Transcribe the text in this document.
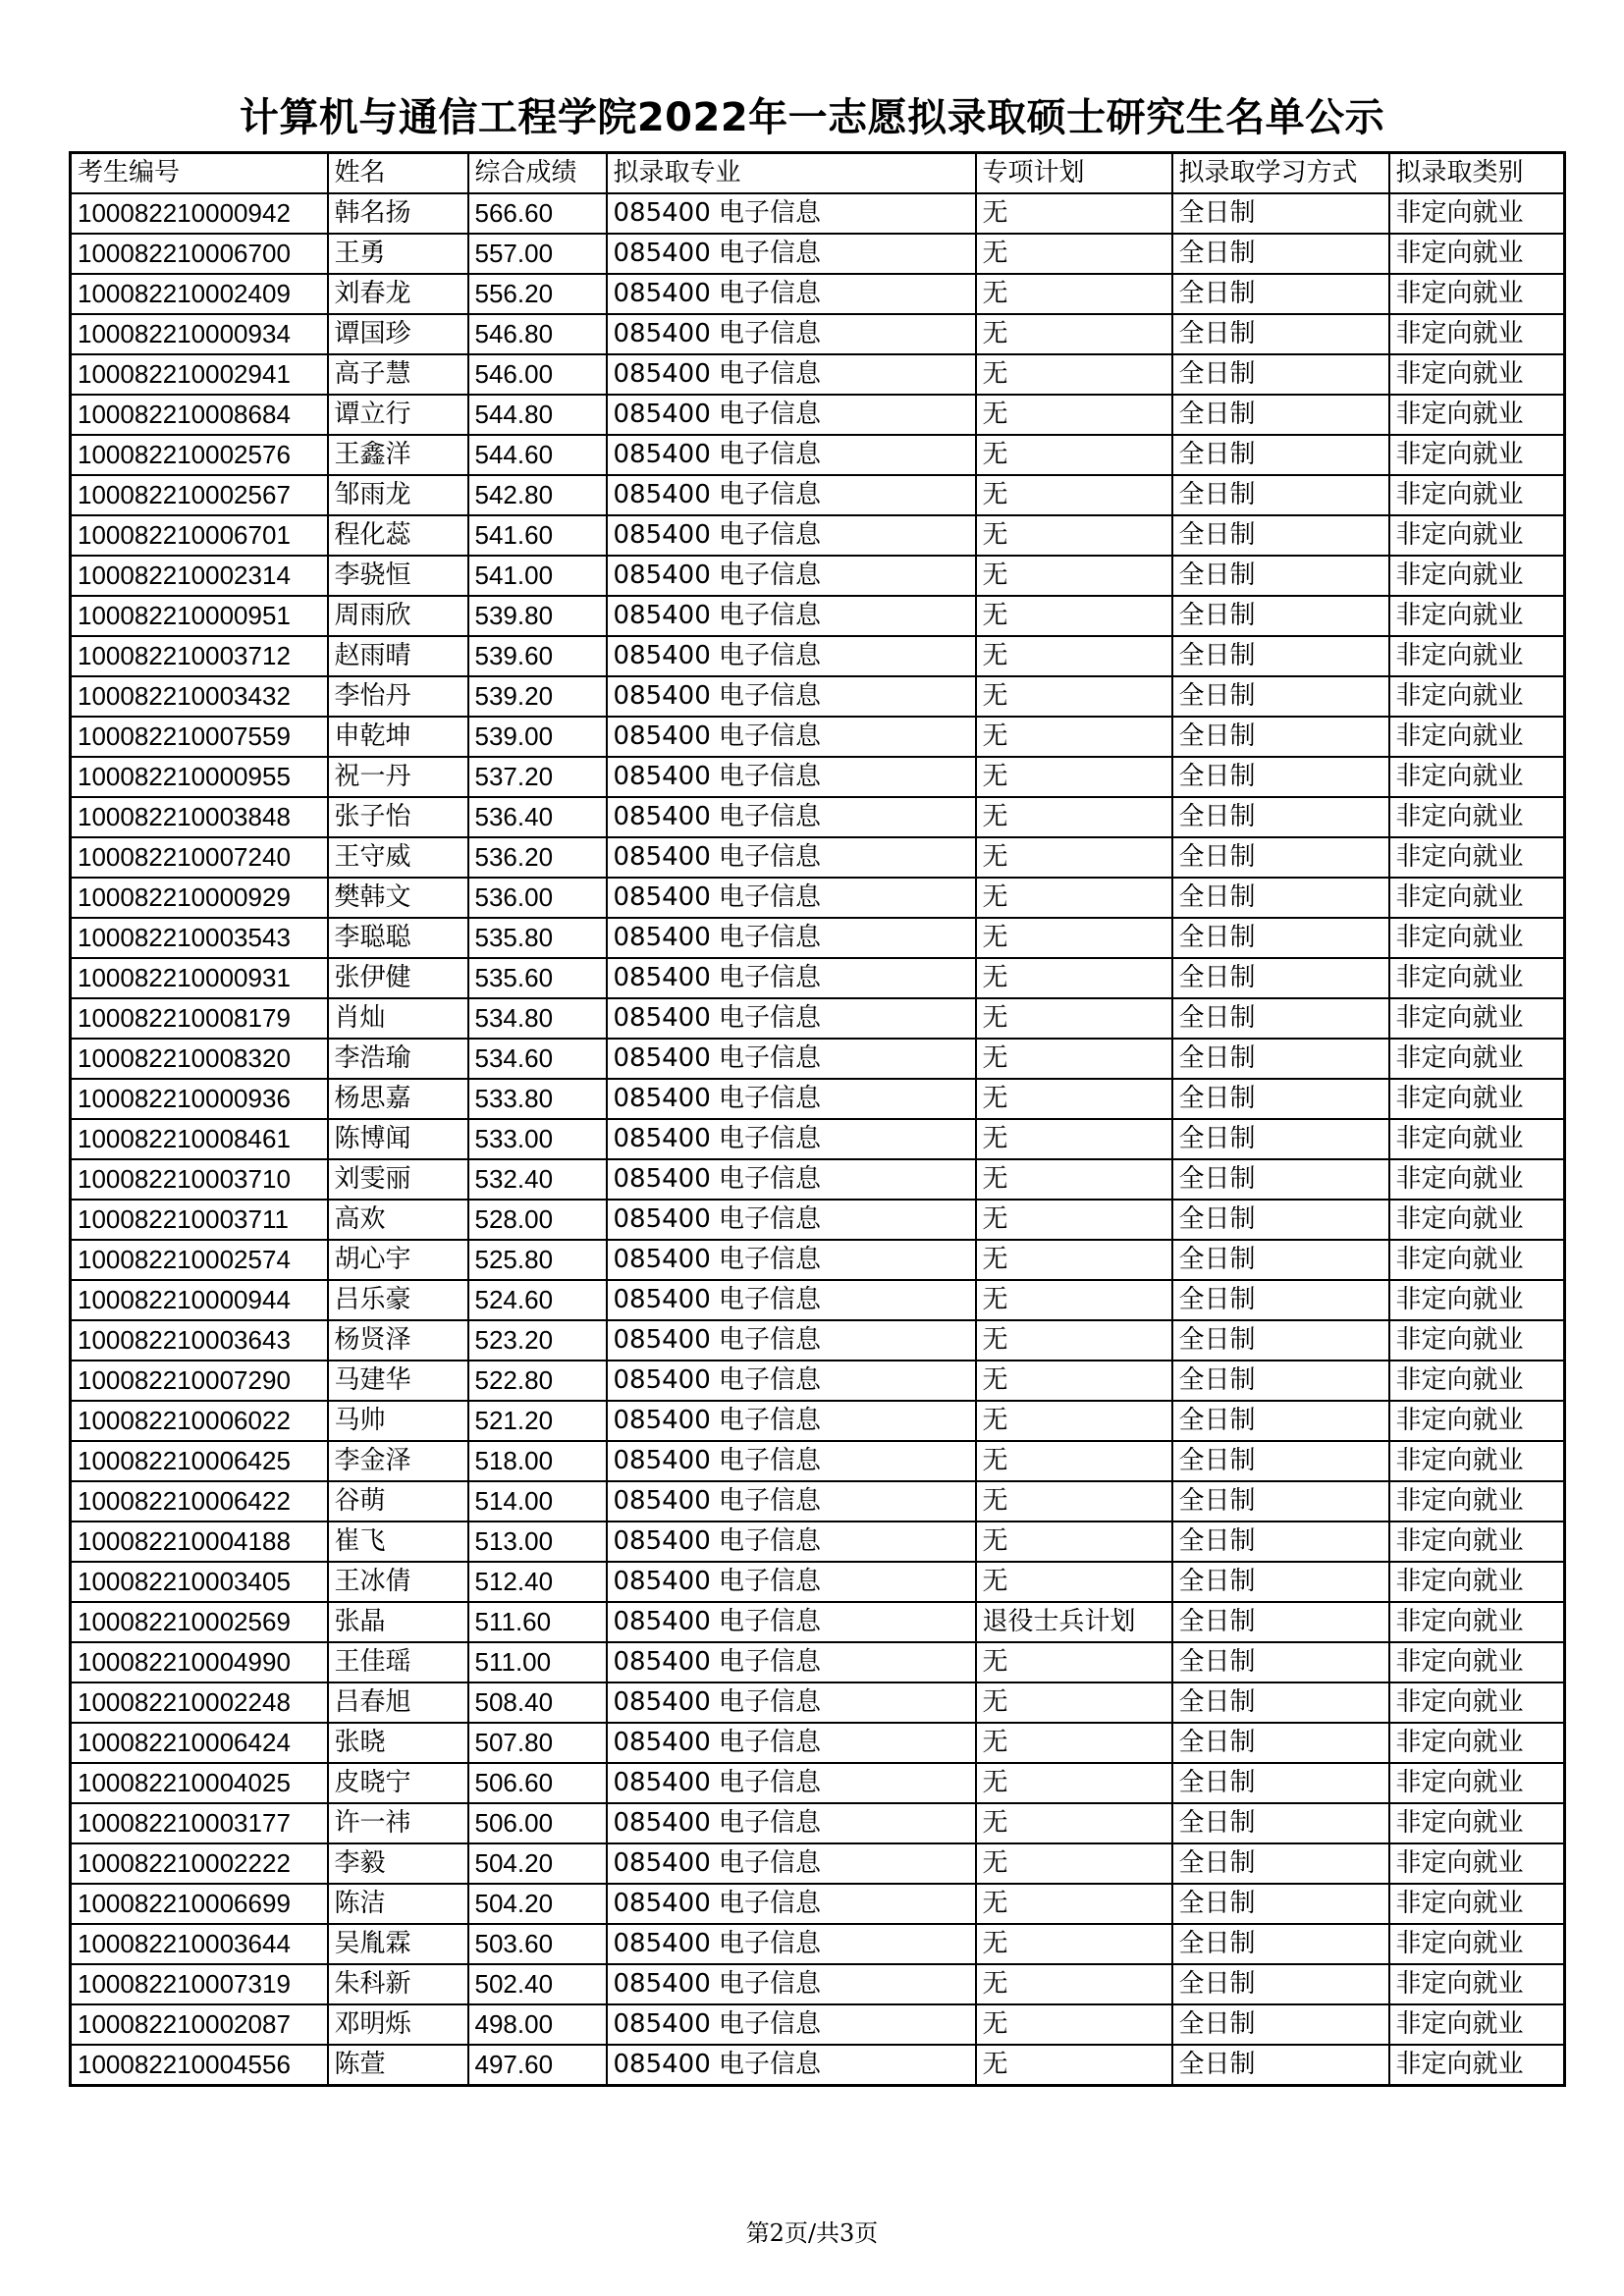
计算机与通信工程学院2022年一志愿拟录取硕士研究生名单公示
考生编号	姓名	综合成绩	拟录取专业	专项计划	拟录取学习方式	拟录取类别
100082210000942	韩名扬	566.60	085400 电子信息	无	全日制	非定向就业
100082210006700	王勇	557.00	085400 电子信息	无	全日制	非定向就业
100082210002409	刘春龙	556.20	085400 电子信息	无	全日制	非定向就业
100082210000934	谭国珍	546.80	085400 电子信息	无	全日制	非定向就业
100082210002941	高子慧	546.00	085400 电子信息	无	全日制	非定向就业
100082210008684	谭立行	544.80	085400 电子信息	无	全日制	非定向就业
100082210002576	王鑫洋	544.60	085400 电子信息	无	全日制	非定向就业
100082210002567	邹雨龙	542.80	085400 电子信息	无	全日制	非定向就业
100082210006701	程化蕊	541.60	085400 电子信息	无	全日制	非定向就业
100082210002314	李骁恒	541.00	085400 电子信息	无	全日制	非定向就业
100082210000951	周雨欣	539.80	085400 电子信息	无	全日制	非定向就业
100082210003712	赵雨晴	539.60	085400 电子信息	无	全日制	非定向就业
100082210003432	李怡丹	539.20	085400 电子信息	无	全日制	非定向就业
100082210007559	申乾坤	539.00	085400 电子信息	无	全日制	非定向就业
100082210000955	祝一丹	537.20	085400 电子信息	无	全日制	非定向就业
100082210003848	张子怡	536.40	085400 电子信息	无	全日制	非定向就业
100082210007240	王守威	536.20	085400 电子信息	无	全日制	非定向就业
100082210000929	樊韩文	536.00	085400 电子信息	无	全日制	非定向就业
100082210003543	李聪聪	535.80	085400 电子信息	无	全日制	非定向就业
100082210000931	张伊健	535.60	085400 电子信息	无	全日制	非定向就业
100082210008179	肖灿	534.80	085400 电子信息	无	全日制	非定向就业
100082210008320	李浩瑜	534.60	085400 电子信息	无	全日制	非定向就业
100082210000936	杨思嘉	533.80	085400 电子信息	无	全日制	非定向就业
100082210008461	陈博闻	533.00	085400 电子信息	无	全日制	非定向就业
100082210003710	刘雯丽	532.40	085400 电子信息	无	全日制	非定向就业
100082210003711	高欢	528.00	085400 电子信息	无	全日制	非定向就业
100082210002574	胡心宇	525.80	085400 电子信息	无	全日制	非定向就业
100082210000944	吕乐豪	524.60	085400 电子信息	无	全日制	非定向就业
100082210003643	杨贤泽	523.20	085400 电子信息	无	全日制	非定向就业
100082210007290	马建华	522.80	085400 电子信息	无	全日制	非定向就业
100082210006022	马帅	521.20	085400 电子信息	无	全日制	非定向就业
100082210006425	李金泽	518.00	085400 电子信息	无	全日制	非定向就业
100082210006422	谷萌	514.00	085400 电子信息	无	全日制	非定向就业
100082210004188	崔飞	513.00	085400 电子信息	无	全日制	非定向就业
100082210003405	王冰倩	512.40	085400 电子信息	无	全日制	非定向就业
100082210002569	张晶	511.60	085400 电子信息	退役士兵计划	全日制	非定向就业
100082210004990	王佳瑶	511.00	085400 电子信息	无	全日制	非定向就业
100082210002248	吕春旭	508.40	085400 电子信息	无	全日制	非定向就业
100082210006424	张晓	507.80	085400 电子信息	无	全日制	非定向就业
100082210004025	皮晓宁	506.60	085400 电子信息	无	全日制	非定向就业
100082210003177	许一祎	506.00	085400 电子信息	无	全日制	非定向就业
100082210002222	李毅	504.20	085400 电子信息	无	全日制	非定向就业
100082210006699	陈洁	504.20	085400 电子信息	无	全日制	非定向就业
100082210003644	吴胤霖	503.60	085400 电子信息	无	全日制	非定向就业
100082210007319	朱科新	502.40	085400 电子信息	无	全日制	非定向就业
100082210002087	邓明烁	498.00	085400 电子信息	无	全日制	非定向就业
100082210004556	陈萱	497.60	085400 电子信息	无	全日制	非定向就业
第2页/共3页
